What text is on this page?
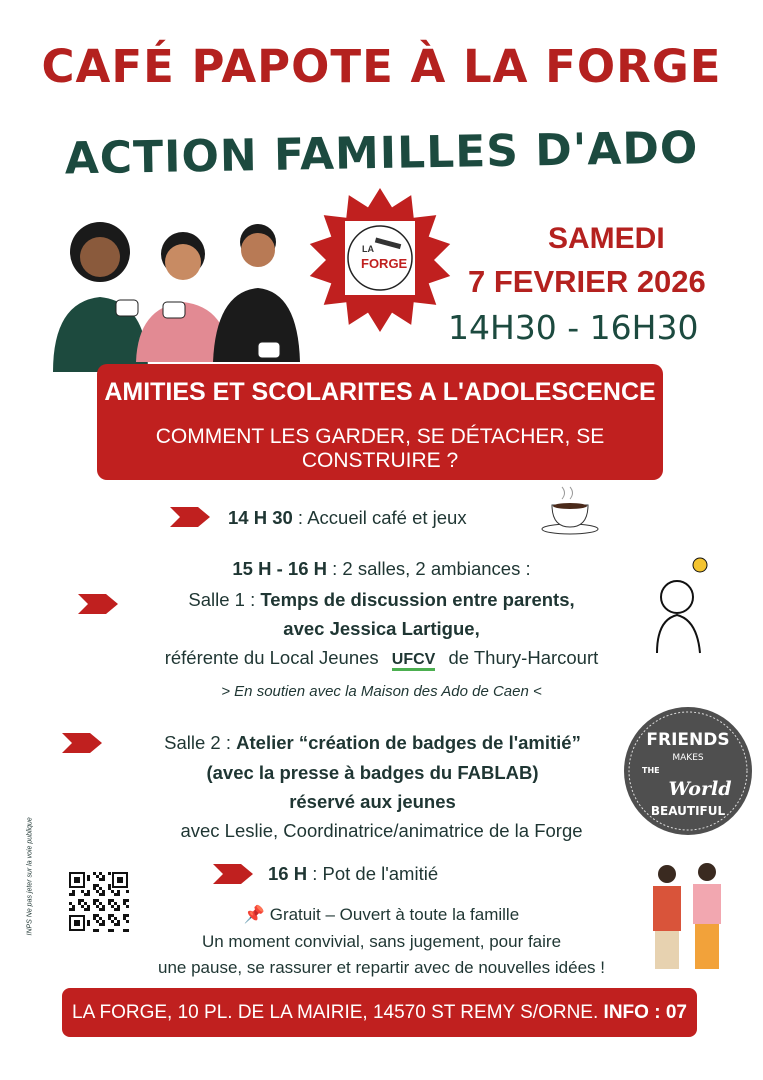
CAFÉ PAPOTE À LA FORGE
ACTION FAMILLES D'ADO
LA
FORGE
SAMEDI
7 FEVRIER 2026
14H30 - 16H30
AMITIES ET SCOLARITES A L'ADOLESCENCE
COMMENT LES GARDER, SE DÉTACHER, SE CONSTRUIRE ?
14 H 30 : Accueil café et jeux
15 H - 16 H : 2 salles, 2 ambiances :
Salle 1 : Temps de discussion entre parents,
avec Jessica Lartigue,
référente du Local Jeunes UFCV de Thury-Harcourt
> En soutien avec la Maison des Ado de Caen <
Salle 2 : Atelier “création de badges de l'amitié”
(avec la presse à badges du FABLAB)
réservé aux jeunes
avec Leslie, Coordinatrice/animatrice de la Forge
FRIENDS
MAKES
THE
World
BEAUTIFUL
16 H : Pot de l'amitié
📌 Gratuit – Ouvert à toute la famille
Un moment convivial, sans jugement, pour faire
une pause, se rassurer et repartir avec de nouvelles idées !
INPS Ne pas jeter sur la voie publique
LA FORGE, 10 PL. DE LA MAIRIE, 14570 ST REMY S/ORNE. INFO : 07 68 21 84 75
